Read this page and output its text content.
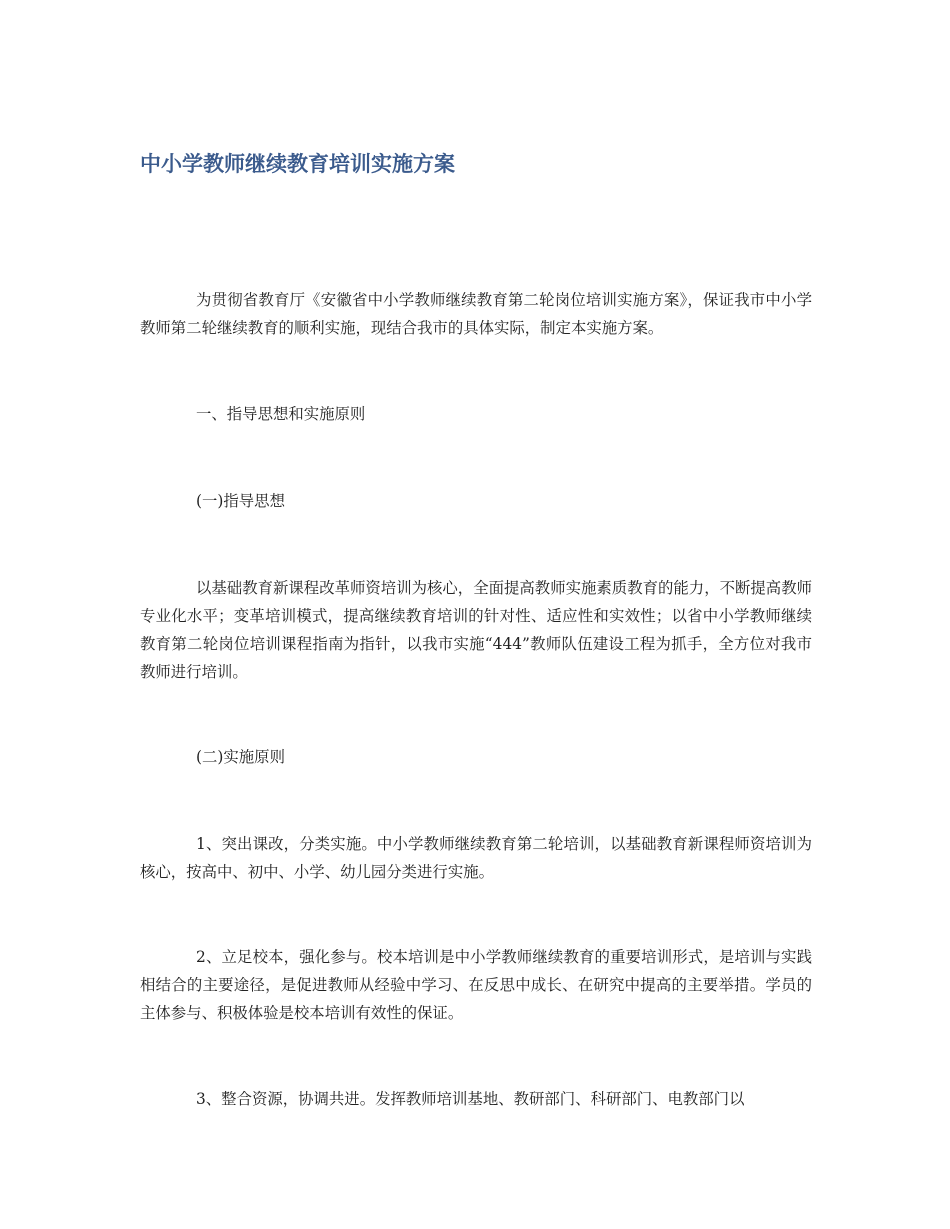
中小学教师继续教育培训实施方案

为贯彻省教育厅《安徽省中小学教师继续教育第二轮岗位培训实施方案》，保证我市中小学教师第二轮继续教育的顺利实施，现结合我市的具体实际，制定本实施方案。

一、指导思想和实施原则

(一)指导思想

以基础教育新课程改革师资培训为核心，全面提高教师实施素质教育的能力，不断提高教师专业化水平；变革培训模式，提高继续教育培训的针对性、适应性和实效性；以省中小学教师继续教育第二轮岗位培训课程指南为指针，以我市实施“444”教师队伍建设工程为抓手，全方位对我市教师进行培训。

(二)实施原则

1、突出课改，分类实施。中小学教师继续教育第二轮培训，以基础教育新课程师资培训为核心，按高中、初中、小学、幼儿园分类进行实施。

2、立足校本，强化参与。校本培训是中小学教师继续教育的重要培训形式，是培训与实践相结合的主要途径，是促进教师从经验中学习、在反思中成长、在研究中提高的主要举措。学员的主体参与、积极体验是校本培训有效性的保证。

3、整合资源，协调共进。发挥教师培训基地、教研部门、科研部门、电教部门以
